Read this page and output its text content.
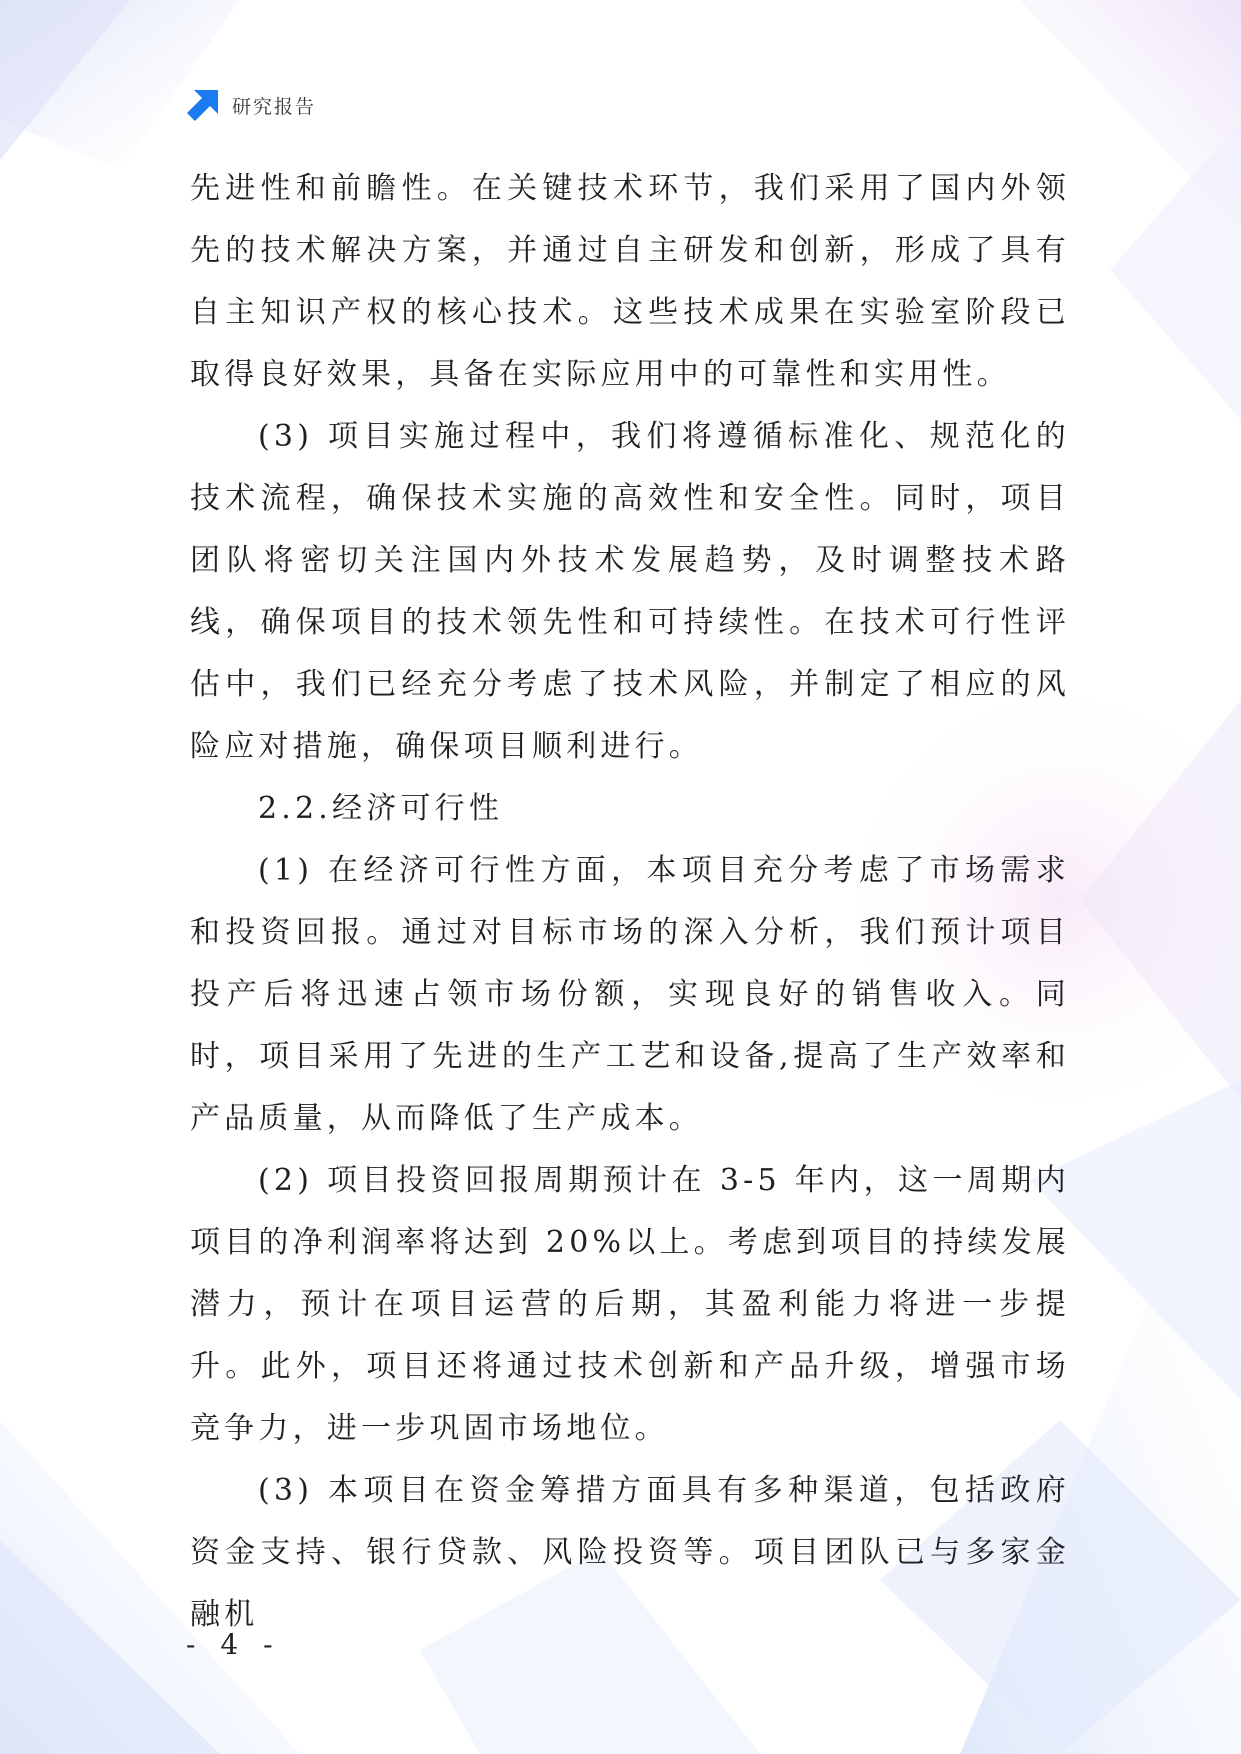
研究报告

先进性和前瞻性。在关键技术环节，我们采用了国内外领先的技术解决方案，并通过自主研发和创新，形成了具有自主知识产权的核心技术。这些技术成果在实验室阶段已取得良好效果，具备在实际应用中的可靠性和实用性。

(3) 项目实施过程中，我们将遵循标准化、规范化的技术流程，确保技术实施的高效性和安全性。同时，项目团队将密切关注国内外技术发展趋势，及时调整技术路线，确保项目的技术领先性和可持续性。在技术可行性评估中，我们已经充分考虑了技术风险，并制定了相应的风险应对措施，确保项目顺利进行。

2.2.经济可行性

(1) 在经济可行性方面，本项目充分考虑了市场需求和投资回报。通过对目标市场的深入分析，我们预计项目投产后将迅速占领市场份额，实现良好的销售收入。同时，项目采用了先进的生产工艺和设备,提高了生产效率和产品质量，从而降低了生产成本。

(2) 项目投资回报周期预计在 3-5 年内，这一周期内项目的净利润率将达到 20%以上。考虑到项目的持续发展潜力，预计在项目运营的后期，其盈利能力将进一步提升。此外，项目还将通过技术创新和产品升级，增强市场竞争力，进一步巩固市场地位。

(3) 本项目在资金筹措方面具有多种渠道，包括政府资金支持、银行贷款、风险投资等。项目团队已与多家金融机

- 4 -
